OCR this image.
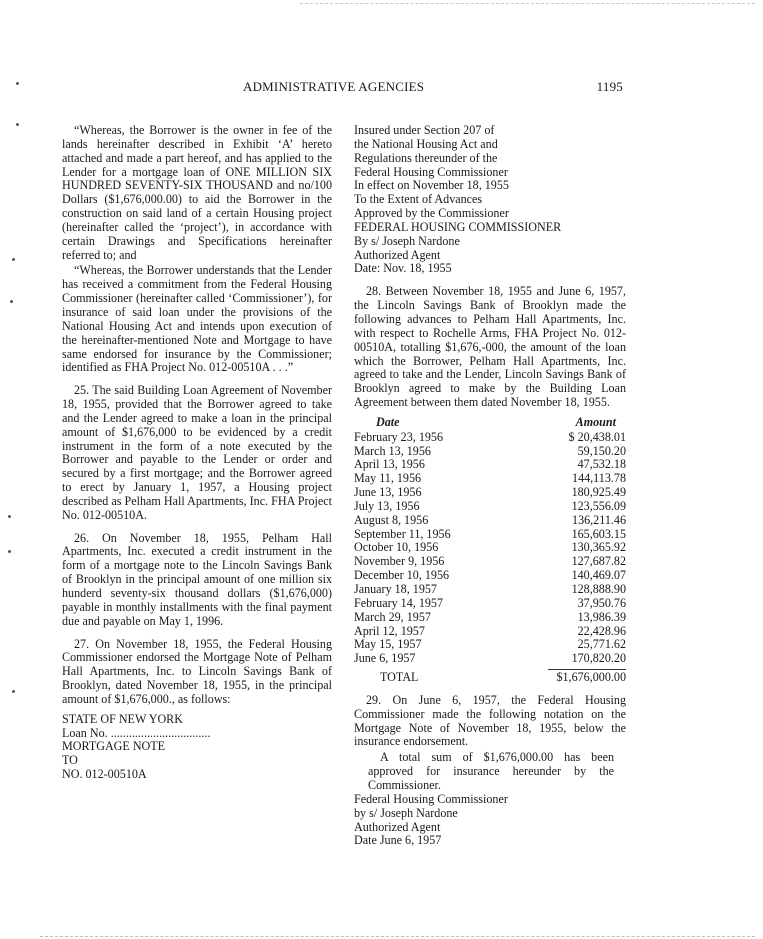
ADMINISTRATIVE AGENCIES	1195

“Whereas, the Borrower is the owner in fee of the lands hereinafter described in Exhibit ‘A’ hereto attached and made a part hereof, and has applied to the Lender for a mortgage loan of ONE MILLION SIX HUNDRED SEVENTY-SIX THOUSAND and no/100 Dollars ($1,676,000.00) to aid the Borrower in the construction on said land of a certain Housing project (hereinafter called the ‘project’), in accordance with certain Drawings and Specifications hereinafter referred to; and

“Whereas, the Borrower understands that the Lender has received a commitment from the Federal Housing Commissioner (hereinafter called ‘Commissioner’), for insurance of said loan under the provisions of the National Housing Act and intends upon execution of the hereinafter-mentioned Note and Mortgage to have same endorsed for insurance by the Commissioner; identified as FHA Project No. 012-00510A . . .”

25. The said Building Loan Agreement of November 18, 1955, provided that the Borrower agreed to take and the Lender agreed to make a loan in the principal amount of $1,676,000 to be evidenced by a credit instrument in the form of a note executed by the Borrower and payable to the Lender or order and secured by a first mortgage; and the Borrower agreed to erect by January 1, 1957, a Housing project described as Pelham Hall Apartments, Inc. FHA Project No. 012-00510A.

26. On November 18, 1955, Pelham Hall Apartments, Inc. executed a credit instrument in the form of a mortgage note to the Lincoln Savings Bank of Brooklyn in the principal amount of one million six hunderd seventy-six thousand dollars ($1,676,000) payable in monthly installments with the final payment due and payable on May 1, 1996.

27. On November 18, 1955, the Federal Housing Commissioner endorsed the Mortgage Note of Pelham Hall Apartments, Inc. to Lincoln Savings Bank of Brooklyn, dated November 18, 1955, in the principal amount of $1,676,000., as follows:

STATE OF NEW YORK

Loan No. .................................

MORTGAGE NOTE

TO

NO. 012-00510A

Insured under Section 207 of

the National Housing Act and

Regulations thereunder of the

Federal Housing Commissioner

In effect on November 18, 1955

To the Extent of Advances

Approved by the Commissioner

FEDERAL HOUSING COMMISSIONER

By s/ Joseph Nardone

Authorized Agent

Date: Nov. 18, 1955

28. Between November 18, 1955 and June 6, 1957, the Lincoln Savings Bank of Brooklyn made the following advances to Pelham Hall Apartments, Inc. with respect to Rochelle Arms, FHA Project No. 012-00510A, totalling $1,676,-000, the amount of the loan which the Borrower, Pelham Hall Apartments, Inc. agreed to take and the Lender, Lincoln Savings Bank of Brooklyn agreed to make by the Building Loan Agreement between them dated November 18, 1955.

Date	Amount
February 23, 1956	$ 20,438.01
March 13, 1956	59,150.20
April 13, 1956	47,532.18
May 11, 1956	144,113.78
June 13, 1956	180,925.49
July 13, 1956	123,556.09
August 8, 1956	136,211.46
September 11, 1956	165,603.15
October 10, 1956	130,365.92
November 9, 1956	127,687.82
December 10, 1956	140,469.07
January 18, 1957	128,888.90
February 14, 1957	37,950.76
March 29, 1957	13,986.39
April 12, 1957	22,428.96
May 15, 1957	25,771.62
June 6, 1957	170,820.20
TOTAL	$1,676,000.00

29. On June 6, 1957, the Federal Housing Commissioner made the following notation on the Mortgage Note of November 18, 1955, below the insurance endorsement.

A total sum of $1,676,000.00 has been approved for insurance hereunder by the Commissioner.

Federal Housing Commissioner

by s/ Joseph Nardone

Authorized Agent

Date June 6, 1957
